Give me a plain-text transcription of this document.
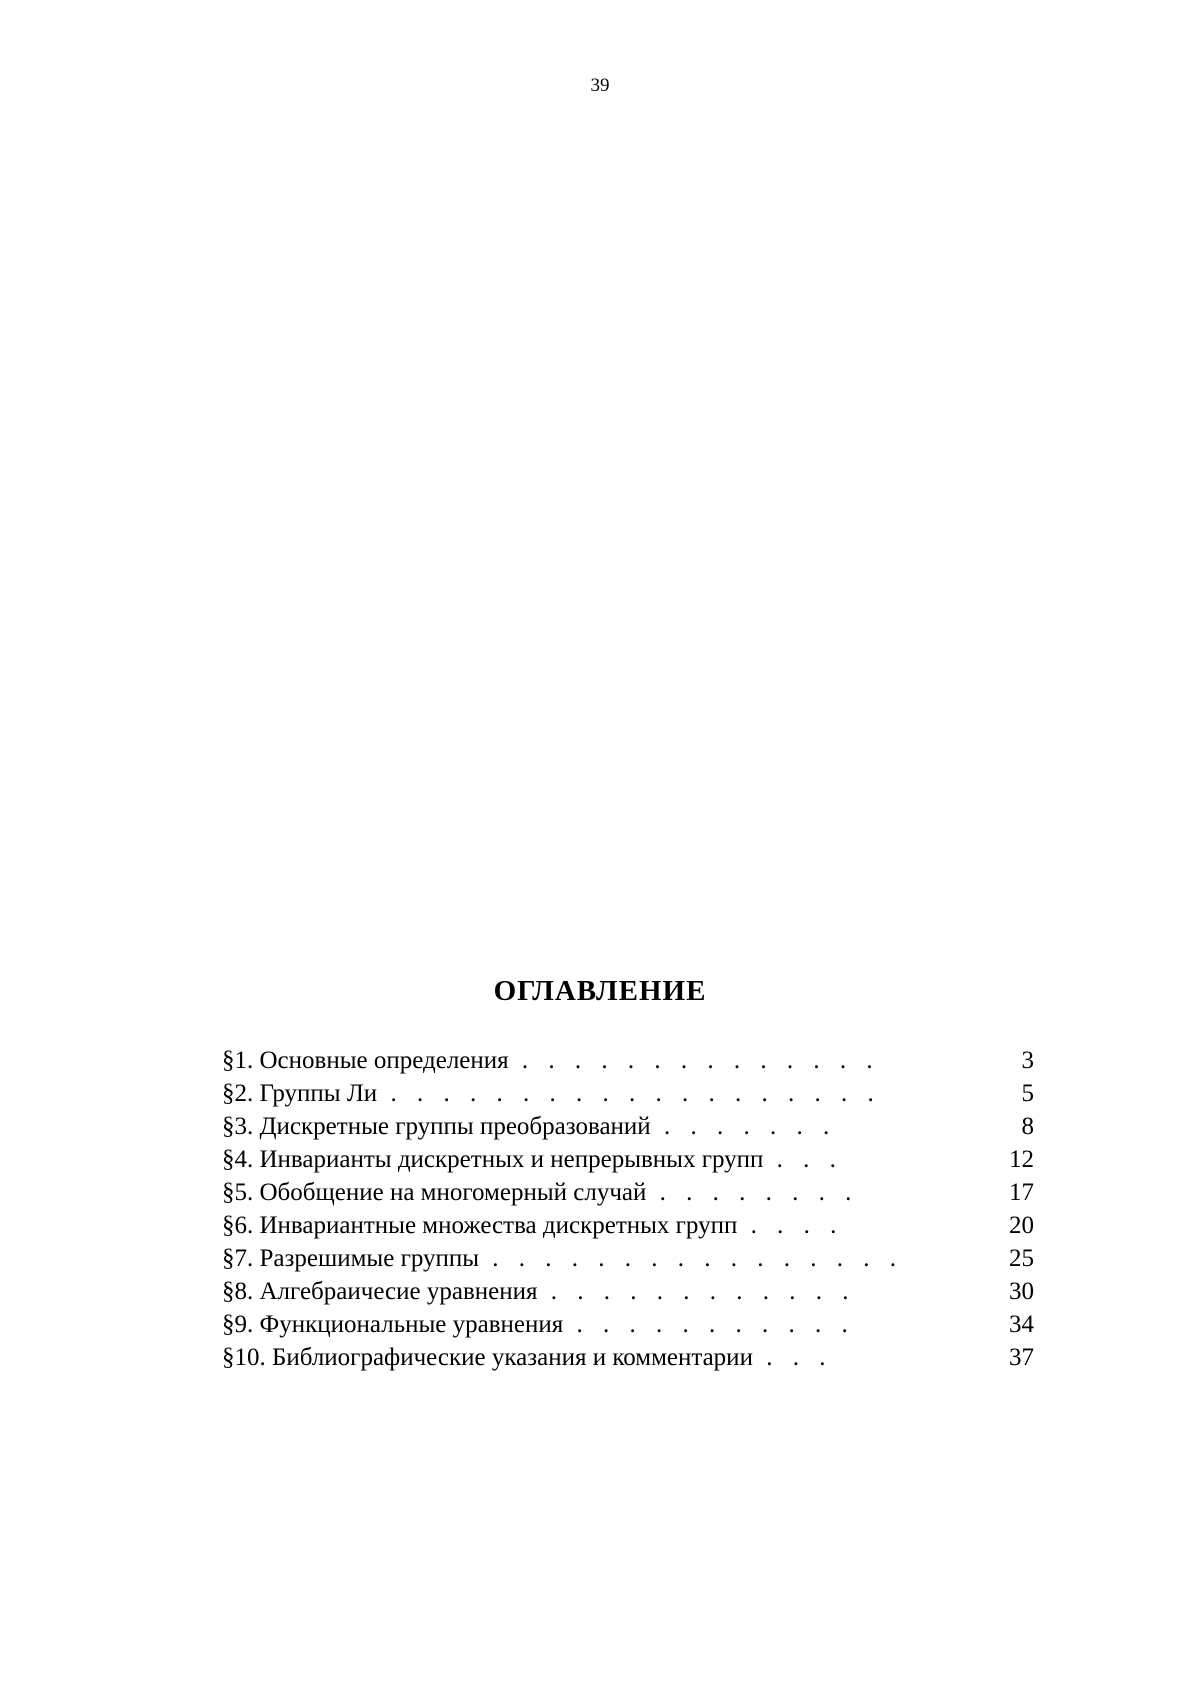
39
ОГЛАВЛЕНИЕ
§1. Основные определения . . . . . . . . . . . . . .	3
§2. Группы Ли . . . . . . . . . . . . . . . . . . .	5
§3. Дискретные группы преобразований . . . . . . .	8
§4. Инварианты дискретных и непрерывных групп . . .	12
§5. Обобщение на многомерный случай . . . . . . . .	17
§6. Инвариантные множества дискретных групп . . . .	20
§7. Разрешимые группы . . . . . . . . . . . . . . . .	25
§8. Алгебраичесие уравнения . . . . . . . . . . . .	30
§9. Функциональные уравнения . . . . . . . . . . .	34
§10. Библиографические указания и комментарии . . .	37
